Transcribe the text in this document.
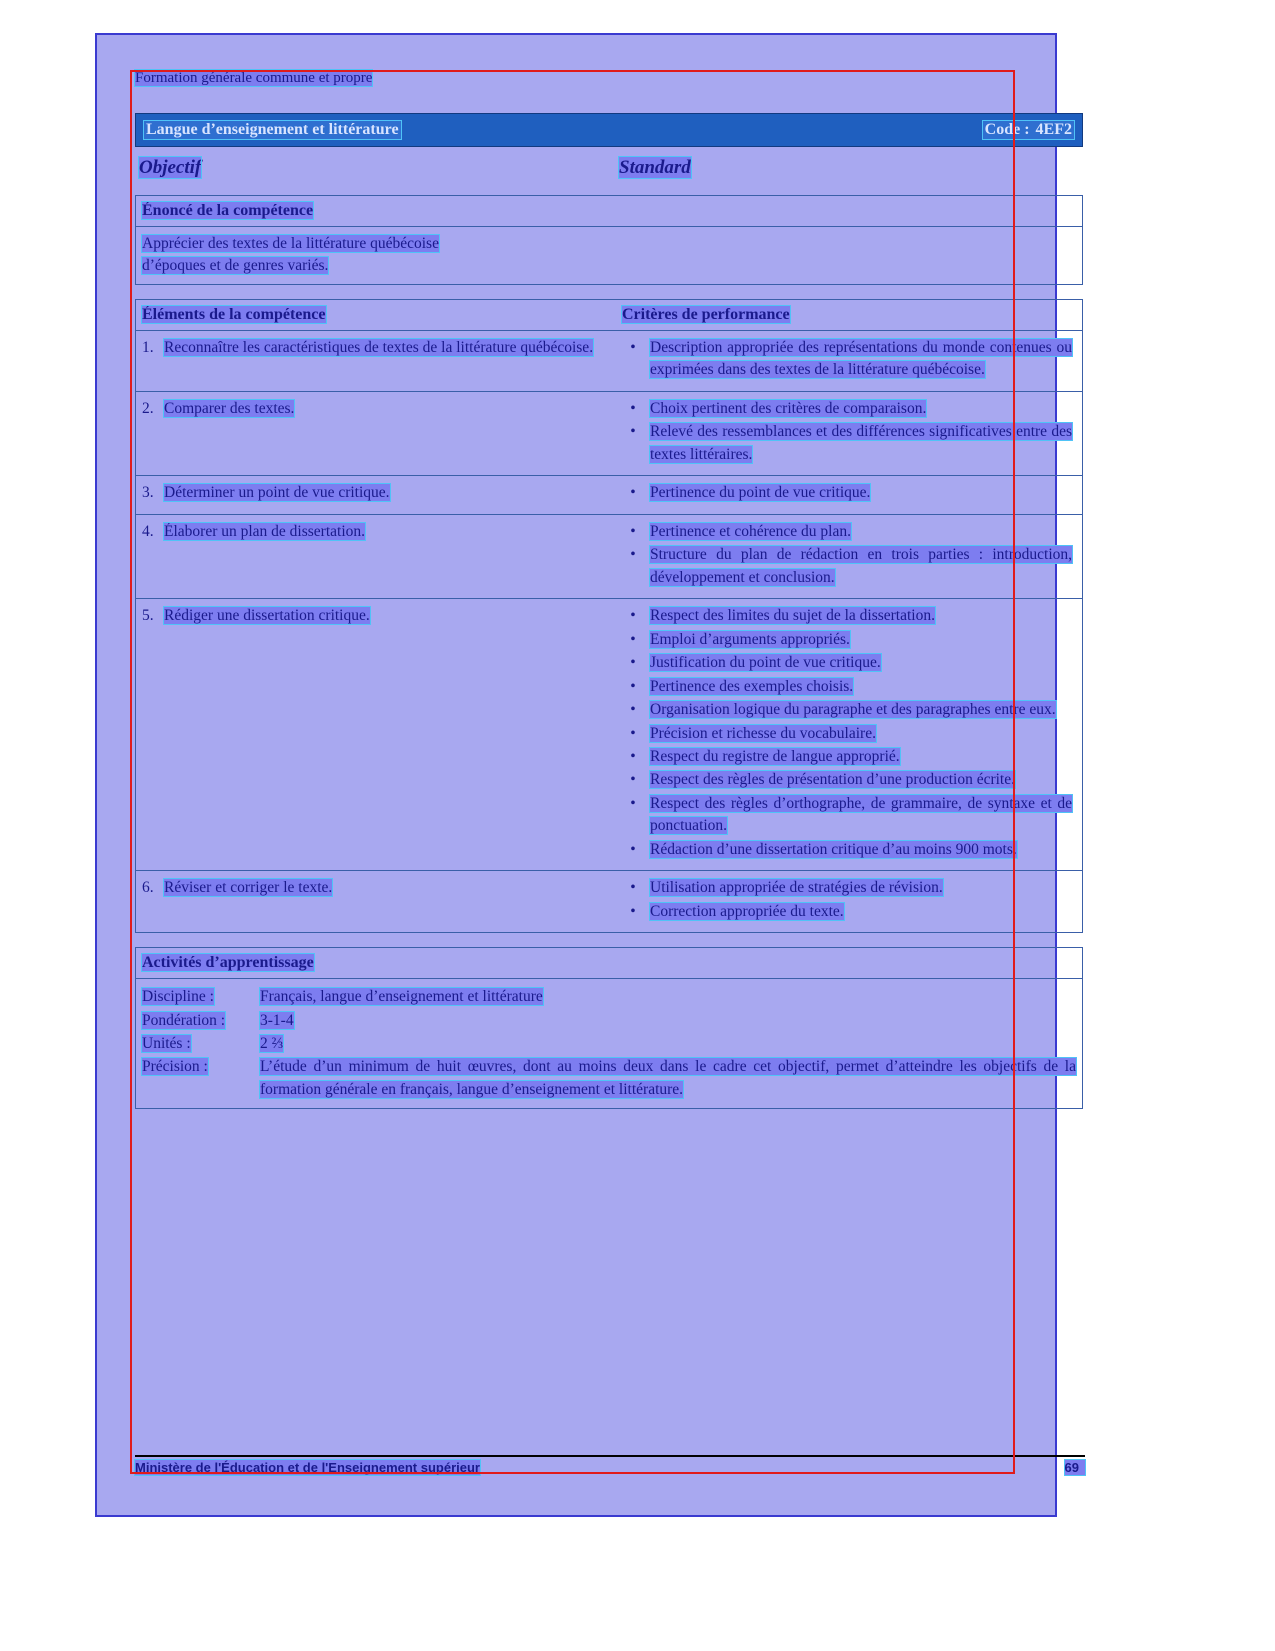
Formation générale commune et propre
Langue d’enseignement et littérature	Code : 4EF2
Objectif	Standard
Énoncé de la compétence
Apprécier des textes de la littérature québécoise
d’époques et de genres variés.
Éléments de la compétence	Critères de performance
1. Reconnaître les caractéristiques de textes de la littérature québécoise.	• Description appropriée des représentations du monde contenues ou exprimées dans des textes de la littérature québécoise.
2. Comparer des textes.	• Choix pertinent des critères de comparaison.
• Relevé des ressemblances et des différences significatives entre des textes littéraires.
3. Déterminer un point de vue critique.	• Pertinence du point de vue critique.
4. Élaborer un plan de dissertation.	• Pertinence et cohérence du plan.
• Structure du plan de rédaction en trois parties : introduction, développement et conclusion.
5. Rédiger une dissertation critique.	• Respect des limites du sujet de la dissertation.
• Emploi d’arguments appropriés.
• Justification du point de vue critique.
• Pertinence des exemples choisis.
• Organisation logique du paragraphe et des paragraphes entre eux.
• Précision et richesse du vocabulaire.
• Respect du registre de langue approprié.
• Respect des règles de présentation d’une production écrite.
• Respect des règles d’orthographe, de grammaire, de syntaxe et de ponctuation.
• Rédaction d’une dissertation critique d’au moins 900 mots.
6. Réviser et corriger le texte.	• Utilisation appropriée de stratégies de révision.
• Correction appropriée du texte.
Activités d’apprentissage
Discipline :	Français, langue d’enseignement et littérature
Pondération :	3-1-4
Unités :	2 ⅔
Précision :	L’étude d’un minimum de huit œuvres, dont au moins deux dans le cadre cet objectif, permet d’atteindre les objectifs de la formation générale en français, langue d’enseignement et littérature.
Ministère de l'Éducation et de l'Enseignement supérieur	69
